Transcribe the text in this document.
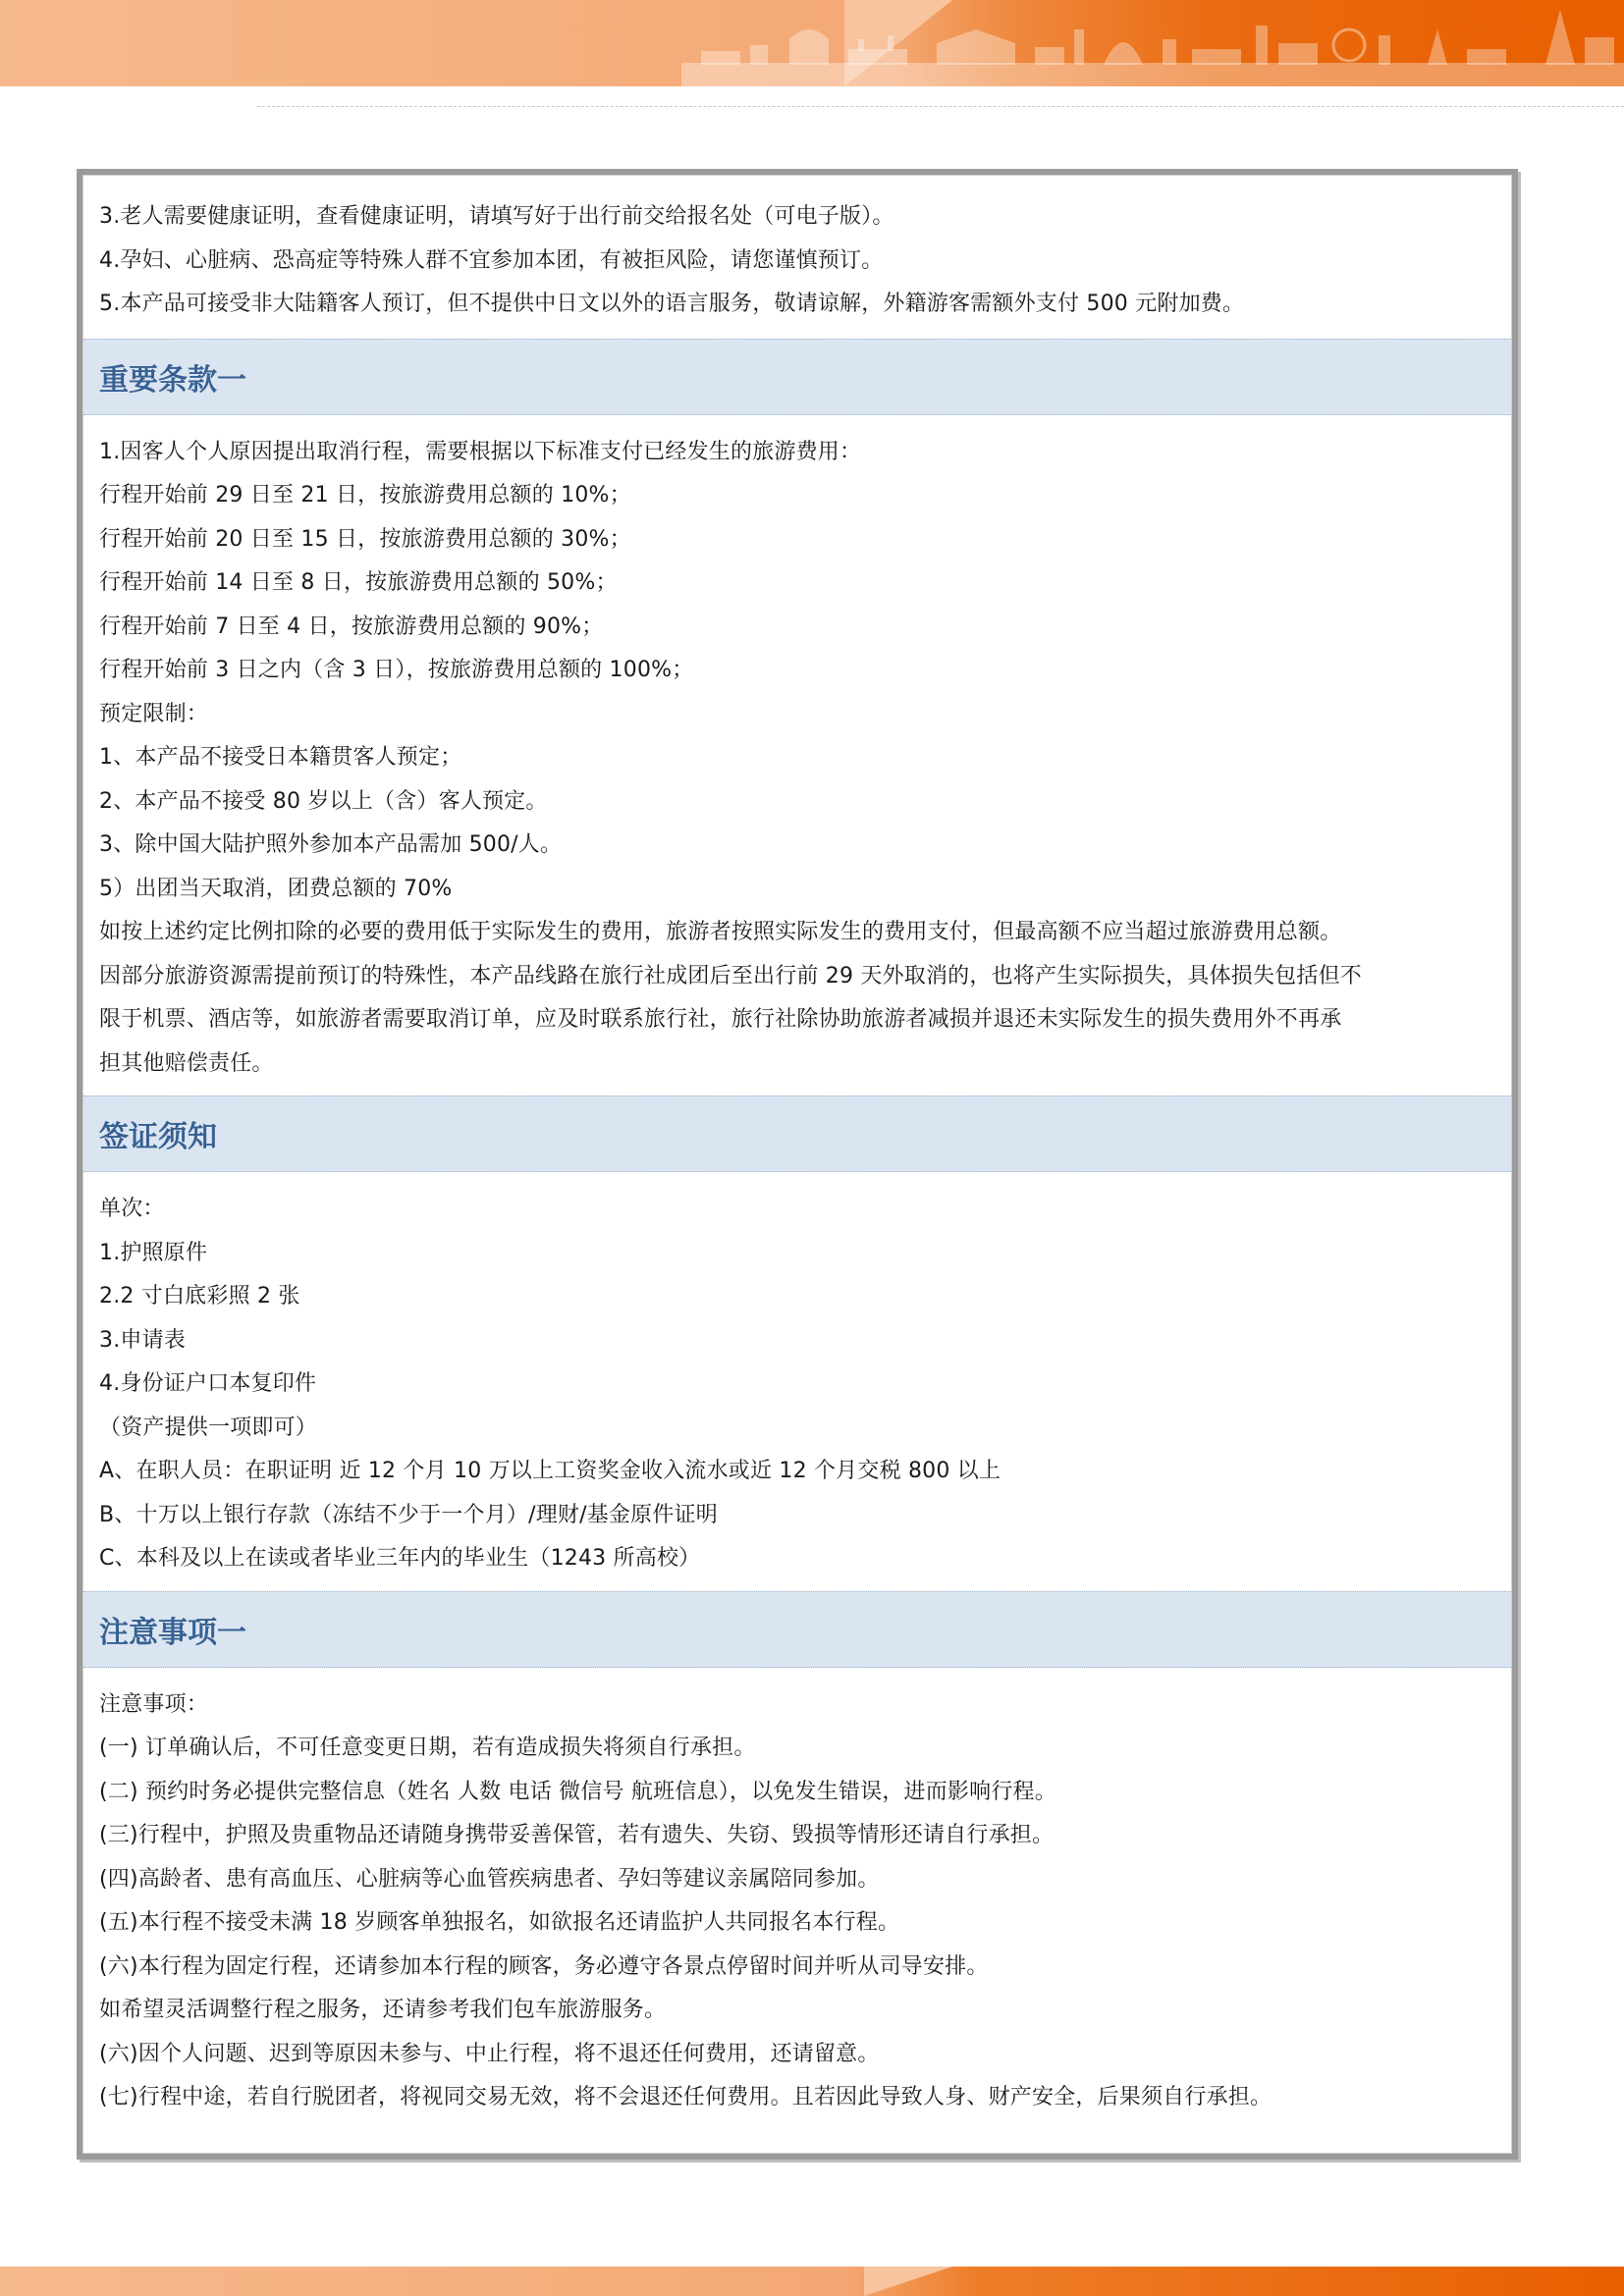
3.老人需要健康证明，查看健康证明，请填写好于出行前交给报名处（可电子版）。
4.孕妇、心脏病、恐高症等特殊人群不宜参加本团，有被拒风险，请您谨慎预订。
5.本产品可接受非大陆籍客人预订，但不提供中日文以外的语言服务，敬请谅解，外籍游客需额外支付 500 元附加费。
重要条款一
1.因客人个人原因提出取消行程，需要根据以下标准支付已经发生的旅游费用：
行程开始前 29 日至 21 日，按旅游费用总额的 10%；
行程开始前 20 日至 15 日，按旅游费用总额的 30%；
行程开始前 14 日至 8 日，按旅游费用总额的 50%；
行程开始前 7 日至 4 日，按旅游费用总额的 90%；
行程开始前 3 日之内（含 3 日），按旅游费用总额的 100%；
预定限制：
1、本产品不接受日本籍贯客人预定；
2、本产品不接受 80 岁以上（含）客人预定。
3、除中国大陆护照外参加本产品需加 500/人。
5）出团当天取消，团费总额的 70%
如按上述约定比例扣除的必要的费用低于实际发生的费用，旅游者按照实际发生的费用支付，但最高额不应当超过旅游费用总额。
因部分旅游资源需提前预订的特殊性，本产品线路在旅行社成团后至出行前 29 天外取消的，也将产生实际损失，具体损失包括但不
限于机票、酒店等，如旅游者需要取消订单，应及时联系旅行社，旅行社除协助旅游者减损并退还未实际发生的损失费用外不再承
担其他赔偿责任。
签证须知
单次：
1.护照原件
2.2 寸白底彩照 2 张
3.申请表
4.身份证户口本复印件
（资产提供一项即可）
A、在职人员：在职证明 近 12 个月 10 万以上工资奖金收入流水或近 12 个月交税 800 以上
B、十万以上银行存款（冻结不少于一个月）/理财/基金原件证明
C、本科及以上在读或者毕业三年内的毕业生（1243 所高校）
注意事项一
注意事项：
(一) 订单确认后，不可任意变更日期，若有造成损失将须自行承担。
(二) 预约时务必提供完整信息（姓名 人数 电话 微信号 航班信息），以免发生错误，进而影响行程。
(三)行程中，护照及贵重物品还请随身携带妥善保管，若有遗失、失窃、毁损等情形还请自行承担。
(四)高龄者、患有高血压、心脏病等心血管疾病患者、孕妇等建议亲属陪同参加。
(五)本行程不接受未满 18 岁顾客单独报名，如欲报名还请监护人共同报名本行程。
(六)本行程为固定行程，还请参加本行程的顾客，务必遵守各景点停留时间并听从司导安排。
如希望灵活调整行程之服务，还请参考我们包车旅游服务。
(六)因个人问题、迟到等原因未参与、中止行程，将不退还任何费用，还请留意。
(七)行程中途，若自行脱团者，将视同交易无效，将不会退还任何费用。且若因此导致人身、财产安全，后果须自行承担。
